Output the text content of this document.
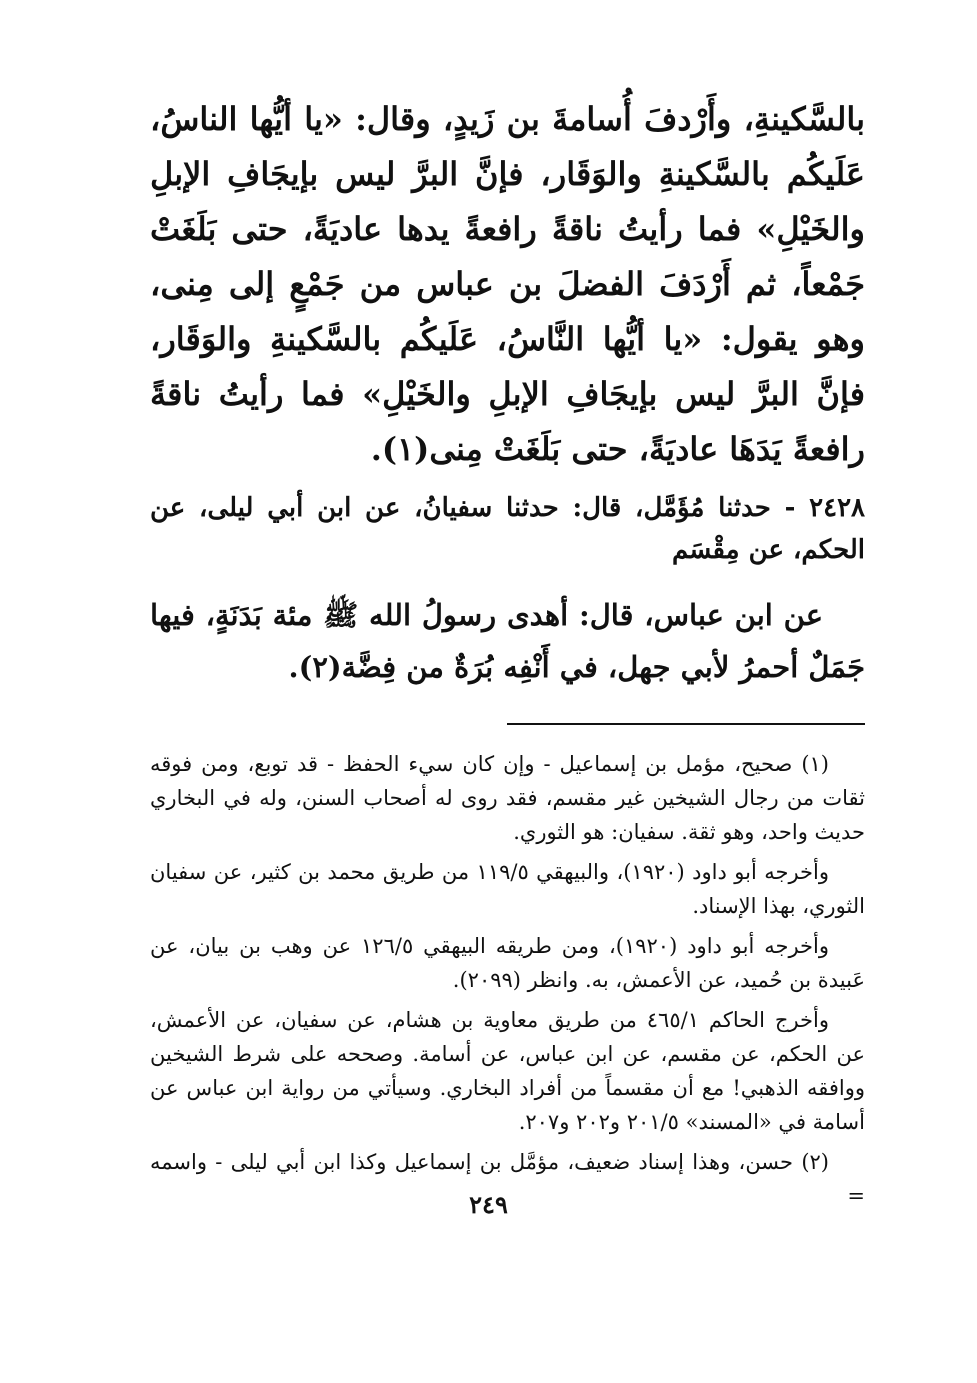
بالسَّكينةِ، وأَرْدفَ أُسامةَ بن زَيدٍ، وقال: «يا أيُّها الناسُ، عَلَيكُم بالسَّكينةِ والوَقَار، فإنَّ البرَّ ليس بإيجَافِ الإبلِ والخَيْلِ» فما رأيتُ ناقةً رافعةً يدها عاديَةً، حتى بَلَغَتْ جَمْعاً، ثم أَرْدَفَ الفضلَ بن عباس من جَمْعٍ إلى مِنى، وهو يقول: «يا أيُّها النَّاسُ، عَلَيكُم بالسَّكينةِ والوَقَار، فإنَّ البرَّ ليس بإيجَافِ الإبلِ والخَيْلِ» فما رأيتُ ناقةً رافعةً يَدَهَا عاديَةً، حتى بَلَغَتْ مِنى(١).

٢٤٢٨ - حدثنا مُؤَمَّل، قال: حدثنا سفيانُ، عن ابن أبي ليلى، عن الحكم، عن مِقْسَم

عن ابن عباس، قال: أهدى رسولُ الله ﷺ مئة بَدَنَةٍ، فيها جَمَلٌ أحمرُ لأبي جهل، في أَنْفِه بُرَةٌ من فِضَّة(٢).

(١) صحيح، مؤمل بن إسماعيل - وإن كان سيء الحفظ - قد توبع، ومن فوقه ثقات من رجال الشيخين غير مقسم، فقد روى له أصحاب السنن، وله في البخاري حديث واحد، وهو ثقة. سفيان: هو الثوري.

وأخرجه أبو داود (١٩٢٠)، والبيهقي ١١٩/٥ من طريق محمد بن كثير، عن سفيان الثوري، بهذا الإسناد.

وأخرجه أبو داود (١٩٢٠)، ومن طريقه البيهقي ١٢٦/٥ عن وهب بن بيان، عن عَبيدة بن حُميد، عن الأعمش، به. وانظر (٢٠٩٩).

وأخرج الحاكم ٤٦٥/١ من طريق معاوية بن هشام، عن سفيان، عن الأعمش، عن الحكم، عن مقسم، عن ابن عباس، عن أسامة. وصححه على شرط الشيخين ووافقه الذهبي! مع أن مقسماً من أفراد البخاري. وسيأتي من رواية ابن عباس عن أسامة في «المسند» ٢٠١/٥ و٢٠٢ و٢٠٧.

(٢) حسن، وهذا إسناد ضعيف، مؤمَّل بن إسماعيل وكذا ابن أبي ليلى - واسمه =

٢٤٩
